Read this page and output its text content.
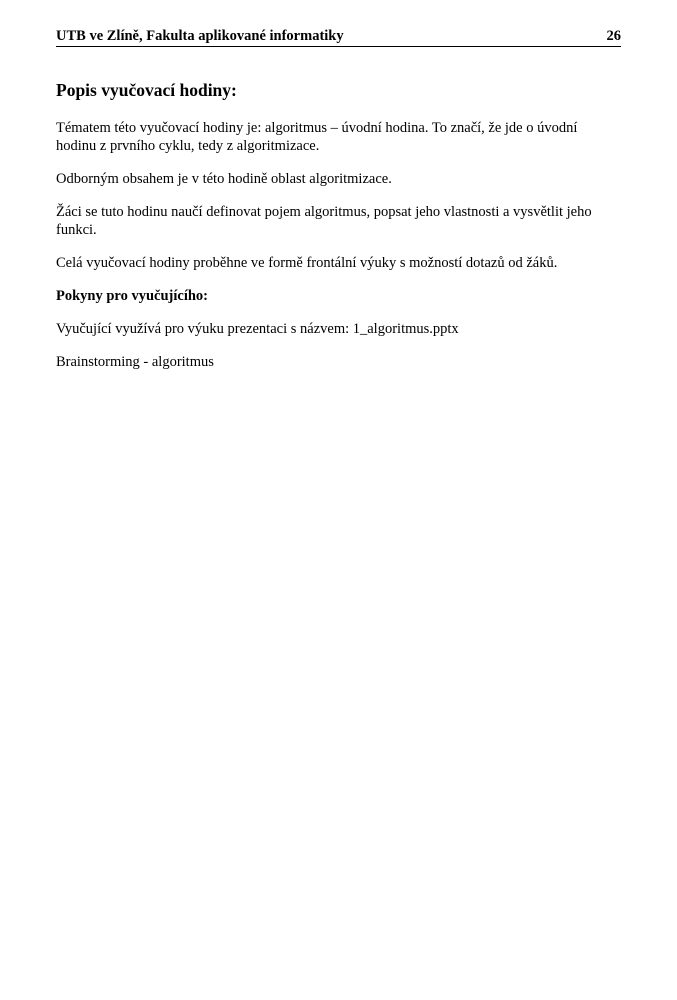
UTB ve Zlíně, Fakulta aplikované informatiky	26
Popis vyučovací hodiny:

Tématem této vyučovací hodiny je: algoritmus – úvodní hodina. To značí, že jde o úvodní hodinu z prvního cyklu, tedy z algoritmizace.

Odborným obsahem je v této hodině oblast algoritmizace.

Žáci se tuto hodinu naučí definovat pojem algoritmus, popsat jeho vlastnosti a vysvětlit jeho funkci.

Celá vyučovací hodiny proběhne ve formě frontální výuky s možností dotazů od žáků.

Pokyny pro vyučujícího:

Vyučující využívá pro výuku prezentaci s názvem: 1_algoritmus.pptx

Brainstorming - algoritmus
